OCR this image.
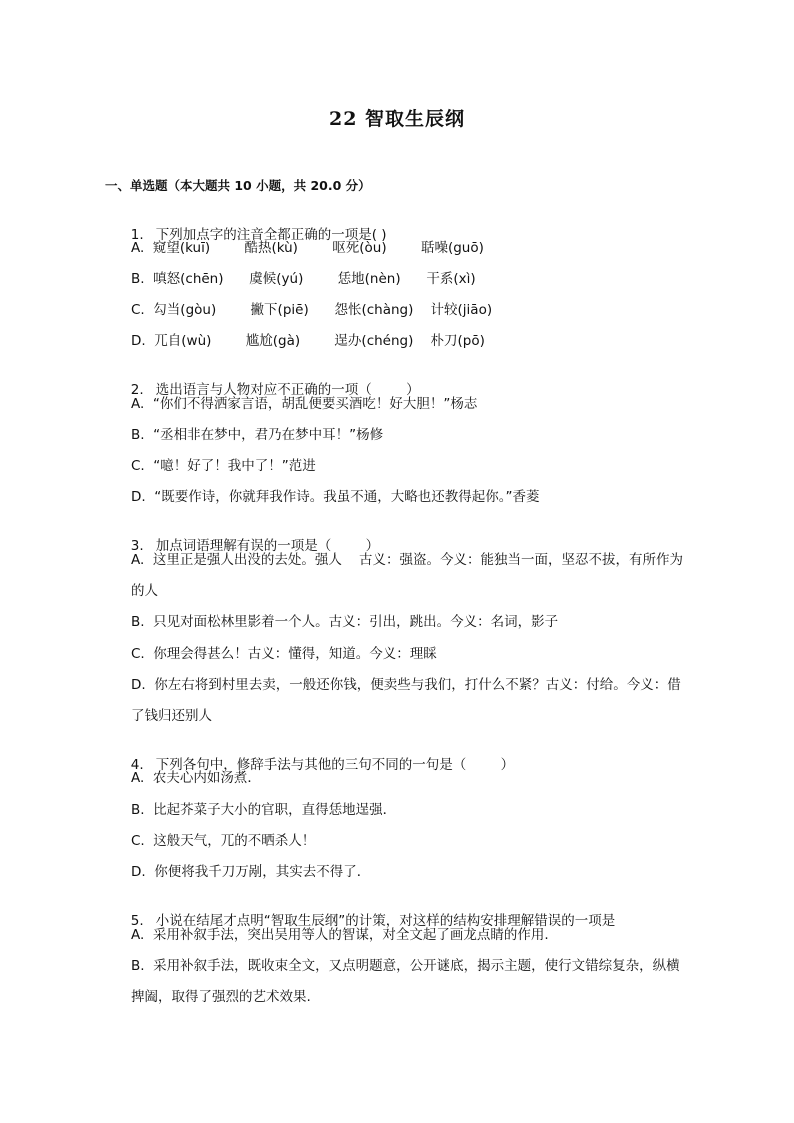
22 智取生辰纲
一、单选题（本大题共 10 小题，共 20.0 分）

1. 下列加点字的注音全都正确的一项是( )

A.  窥望(kuī)        酷热(kù)        呕死(òu)        聒噪(guō)
B.  嗔怒(chēn)      虞候(yú)        恁地(nèn)      干系(xì)
C.  勾当(gòu)        撇下(piē)      怨怅(chàng)    计较(jiāo)
D.  兀自(wù)        尴尬(gà)        逞办(chéng)    朴刀(pō)

2. 选出语言与人物对应不正确的一项（        ）

A.  “你们不得洒家言语，胡乱便要买酒吃！好大胆！”杨志
B.  “丞相非在梦中，君乃在梦中耳！”杨修
C.  “噫！好了！我中了！”范进
D.  “既要作诗，你就拜我作诗。我虽不通，大略也还教得起你。”香菱

3. 加点词语理解有误的一项是（        ）

A.  这里正是强人出没的去处。强人    古义：强盗。今义：能独当一面，坚忍不拔，有所作为
的人
B.  只见对面松林里影着一个人。古义：引出，跳出。今义：名词，影子
C.  你理会得甚么！古义：懂得，知道。今义：理睬
D.  你左右将到村里去卖，一般还你钱，便卖些与我们，打什么不紧？古义：付给。今义：借
了钱归还别人

4. 下列各句中，修辞手法与其他的三句不同的一句是（        ）

A.  农夫心内如汤煮．
B.  比起芥菜子大小的官职，直得恁地逞强．
C.  这般天气，兀的不晒杀人！
D.  你便将我千刀万剐，其实去不得了．

5. 小说在结尾才点明“智取生辰纲”的计策，对这样的结构安排理解错误的一项是

A.  采用补叙手法，突出吴用等人的智谋，对全文起了画龙点睛的作用.
B.  采用补叙手法，既收束全文，又点明题意，公开谜底，揭示主题，使行文错综复杂，纵横
捭阖，取得了强烈的艺术效果.
